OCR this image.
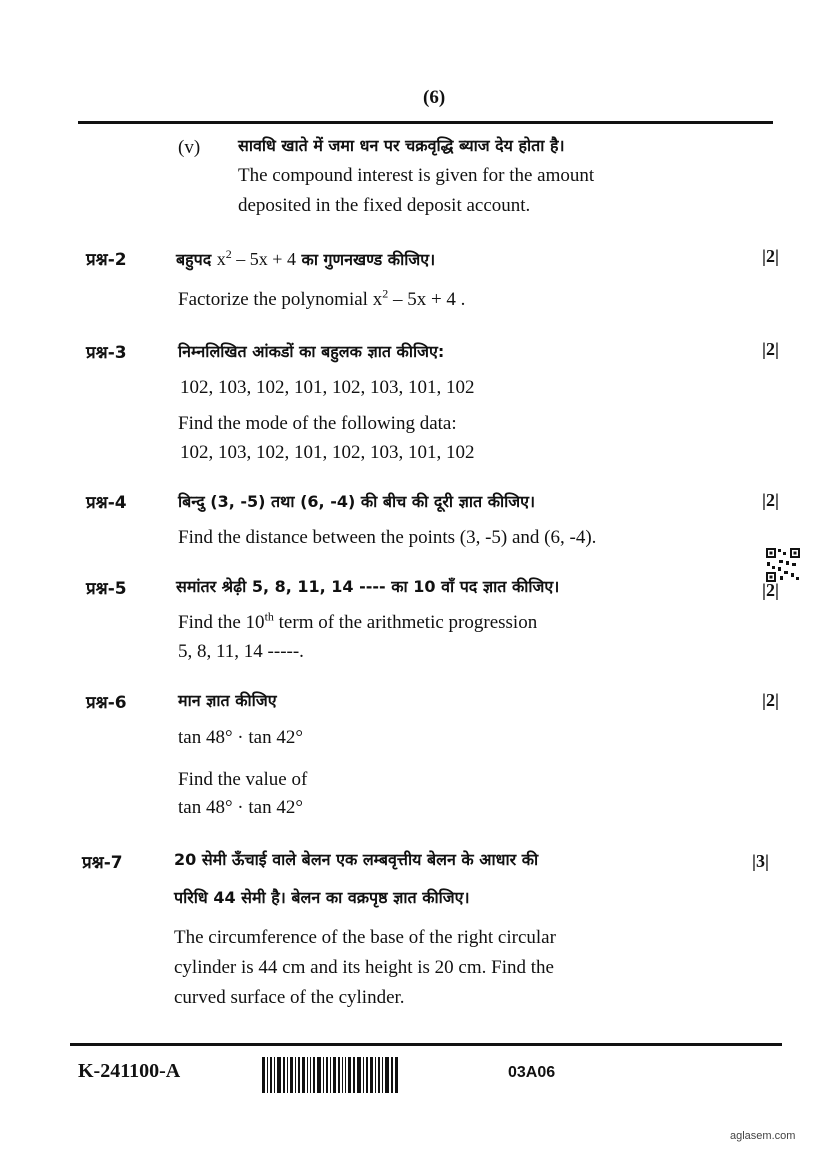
(6)
(v) सावधि खाते में जमा धन पर चक्रवृद्धि ब्याज देय होता है।
The compound interest is given for the amount
deposited in the fixed deposit account.
प्रश्न-2	बहुपद $x^2 - 5x + 4$ का गुणनखण्ड कीजिए।	|2|
Factorize the polynomial $x^2 - 5x + 4$ .
प्रश्न-3	निम्नलिखित आंकडों का बहुलक ज्ञात कीजिए:	|2|
102, 103, 102, 101, 102, 103, 101, 102
Find the mode of the following data:
102, 103, 102, 101, 102, 103, 101, 102
प्रश्न-4	बिन्दु (3, -5) तथा (6, -4) की बीच की दूरी ज्ञात कीजिए।	|2|
Find the distance between the points (3, -5) and (6, -4).
प्रश्न-5	समांतर श्रेढ़ी 5, 8, 11, 14 ---- का 10 वाँ पद ज्ञात कीजिए।	|2|
Find the 10th term of the arithmetic progression
5, 8, 11, 14 -----.
प्रश्न-6	मान ज्ञात कीजिए	|2|
tan 48° · tan 42°
Find the value of
tan 48° · tan 42°
प्रश्न-7	20 सेमी ऊँचाई वाले बेलन एक लम्बवृत्तीय बेलन के आधार की	|3|
परिधि 44 सेमी है। बेलन का वक्रपृष्ठ ज्ञात कीजिए।
The circumference of the base of the right circular
cylinder is 44 cm and its height is 20 cm. Find the
curved surface of the cylinder.
K-241100-A	03A06
aglasem.com
